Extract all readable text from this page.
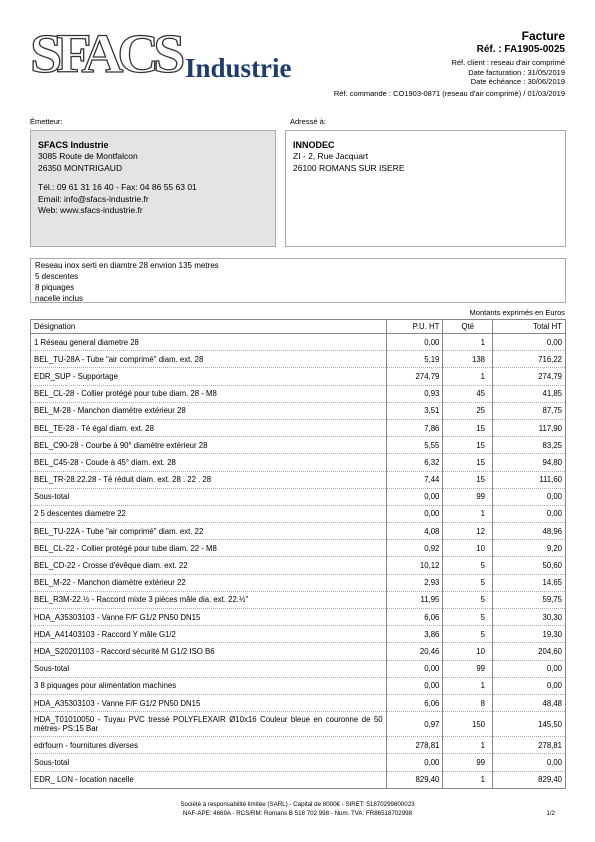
SFACS Industrie
Facture
Réf. : FA1905-0025
Réf. client : reseau d'air comprimé
Date facturation : 31/05/2019
Date échéance : 30/06/2019
Réf. commande : CO1903-0871 (reseau d'air comprimé) / 01/03/2019
Émetteur:
SFACS Industrie
3085 Route de Montfalcon
26350 MONTRIGAUD
Tél.: 09 61 31 16 40 - Fax: 04 86 55 63 01
Email: info@sfacs-industrie.fr
Web: www.sfacs-industrie.fr
Adressé à:
INNODEC
ZI - 2, Rue Jacquart
26100 ROMANS SUR ISERE
Reseau inox serti en diamtre 28 envrion 135 metres
5 descentes
8 piquages
nacelle inclus
Montants exprimés en Euros
Désignation	P.U. HT	Qté	Total HT
1 Réseau general diametre 28	0,00	1	0,00
BEL_TU-28A - Tube "air comprimé" diam. ext. 28	5,19	138	716,22
EDR_SUP - Supportage	274,79	1	274,79
BEL_CL-28 - Collier protégé pour tube diam. 28 - M8	0,93	45	41,85
BEL_M-28 - Manchon diamètre extérieur 28	3,51	25	87,75
BEL_TE-28 - Té égal diam. ext. 28	7,86	15	117,90
BEL_C90-28 - Courbe à 90° diamètre extérieur 28	5,55	15	83,25
BEL_C45-28 - Coude à 45° diam. ext. 28	6,32	15	94,80
BEL_TR-28.22.28 - Té réduit diam. ext. 28 . 22 . 28	7,44	15	111,60
Sous-total	0,00	99	0,00
2 5 descentes diametre 22	0,00	1	0,00
BEL_TU-22A - Tube "air comprimé" diam. ext. 22	4,08	12	48,96
BEL_CL-22 - Collier protégé pour tube diam. 22 - M8	0,92	10	9,20
BEL_CD-22 - Crosse d'évêque diam. ext. 22	10,12	5	50,60
BEL_M-22 - Manchon diamètre extérieur 22	2,93	5	14,65
BEL_R3M-22.½ - Raccord mixte 3 pièces mâle dia. ext. 22.½"	11,95	5	59,75
HDA_A35303103 - Vanne F/F G1/2 PN50 DN15	6,06	5	30,30
HDA_A41403103 - Raccord Y mâle G1/2	3,86	5	19,30
HDA_S20201103 - Raccord sécurité M G1/2 ISO B6	20,46	10	204,60
Sous-total	0,00	99	0,00
3 8 piquages pour alimentation machines	0,00	1	0,00
HDA_A35303103 - Vanne F/F G1/2 PN50 DN15	6,06	8	48,48
HDA_T01010050 - Tuyau PVC tressé POLYFLEXAIR Ø10x16 Couleur bleue en couronne de 50 mètres- PS:15 Bar	0,97	150	145,50
edrfourn - fournitures diverses	278,81	1	278,81
Sous-total	0,00	99	0,00
EDR_ LON - location nacelle	829,40	1	829,40
Société à responsabilité limitée (SARL) - Capital de 8000€ - SIRET: 51870299800023
NAF-APE: 4669A - RCS/RM: Romans B 518 702 998 - Num. TVA: FR86518702998	1/2
